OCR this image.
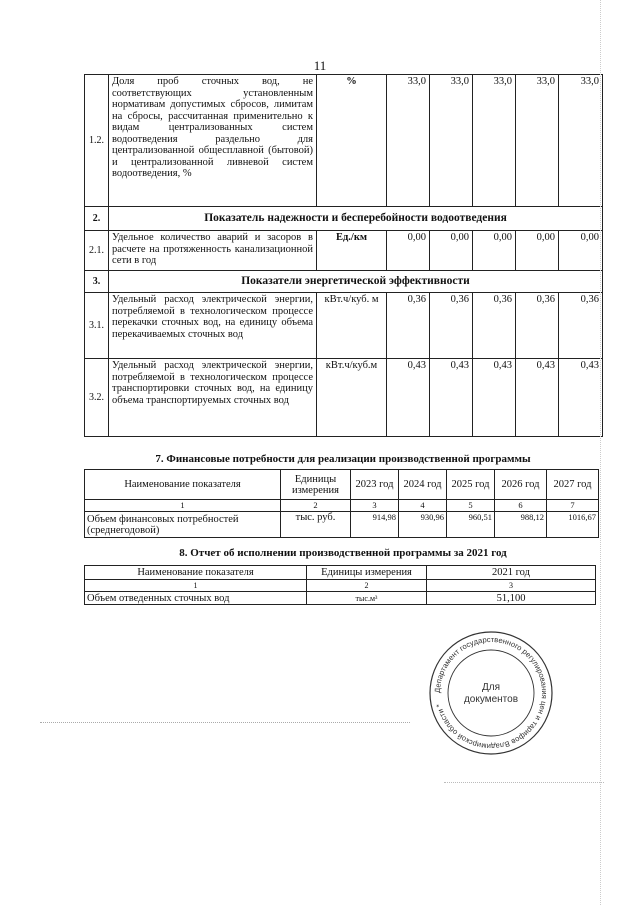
11
1.2.	Доля проб сточных вод, не соответствующих установленным нормативам допустимых сбросов, лимитам на сбросы, рассчитанная применительно к видам централизованных систем водоотведения раздельно для централизованной общесплавной (бытовой) и централизованной ливневой систем водоотведения, %	%	33,0	33,0	33,0	33,0	33,0
2.	Показатель надежности и бесперебойности водоотведения						
2.1.	Удельное количество аварий и засоров в расчете на протяженность канализационной сети в год	Ед./км	0,00	0,00	0,00	0,00	0,00
3.	Показатели энергетической эффективности						
3.1.	Удельный расход электрической энергии, потребляемой в технологическом процессе перекачки сточных вод, на единицу объема перекачиваемых сточных вод	кВт.ч/куб. м	0,36	0,36	0,36	0,36	0,36
3.2.	Удельный расход электрической энергии, потребляемой в технологическом процессе транспортировки сточных вод, на единицу объема транспортируемых сточных вод	кВт.ч/куб.м	0,43	0,43	0,43	0,43	0,43
7. Финансовые потребности для реализации производственной программы
Наименование показателя	Единицы измерения	2023 год	2024 год	2025 год	2026 год	2027 год
1	2	3	4	5	6	7
Объем финансовых потребностей (среднегодовой)	тыс. руб.	914,98	930,96	960,51	988,12	1016,67
8. Отчет об исполнении производственной программы за 2021 год
Наименование показателя	Единицы измерения	2021 год
1	2	3
Объем отведенных сточных вод	тыс.м³	51,100
Департамент государственного регулирования цен и тарифов Владимирской области *
Для
документов
